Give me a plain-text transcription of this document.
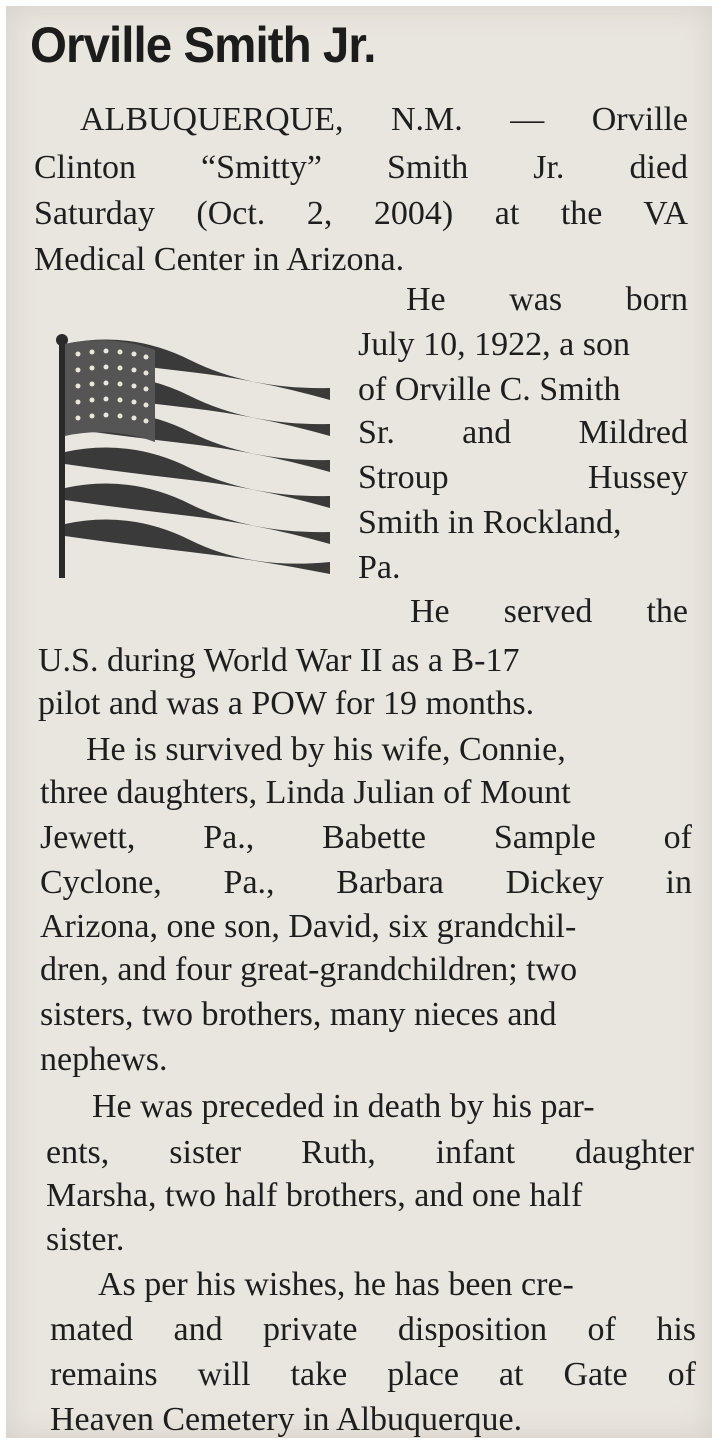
Orville Smith Jr.
ALBUQUERQUE, N.M. — Orville
Clinton “Smitty” Smith Jr. died
Saturday (Oct. 2, 2004) at the VA
Medical Center in Arizona.
He was born
July 10, 1922, a son
of Orville C. Smith
Sr. and Mildred
Stroup Hussey
Smith in Rockland,
Pa.
He served the
U.S. during World War II as a B-17
pilot and was a POW for 19 months.
He is survived by his wife, Connie,
three daughters, Linda Julian of Mount
Jewett, Pa., Babette Sample of
Cyclone, Pa., Barbara Dickey in
Arizona, one son, David, six grandchil-
dren, and four great-grandchildren; two
sisters, two brothers, many nieces and
nephews.
He was preceded in death by his par-
ents, sister Ruth, infant daughter
Marsha, two half brothers, and one half
sister.
As per his wishes, he has been cre-
mated and private disposition of his
remains will take place at Gate of
Heaven Cemetery in Albuquerque.
